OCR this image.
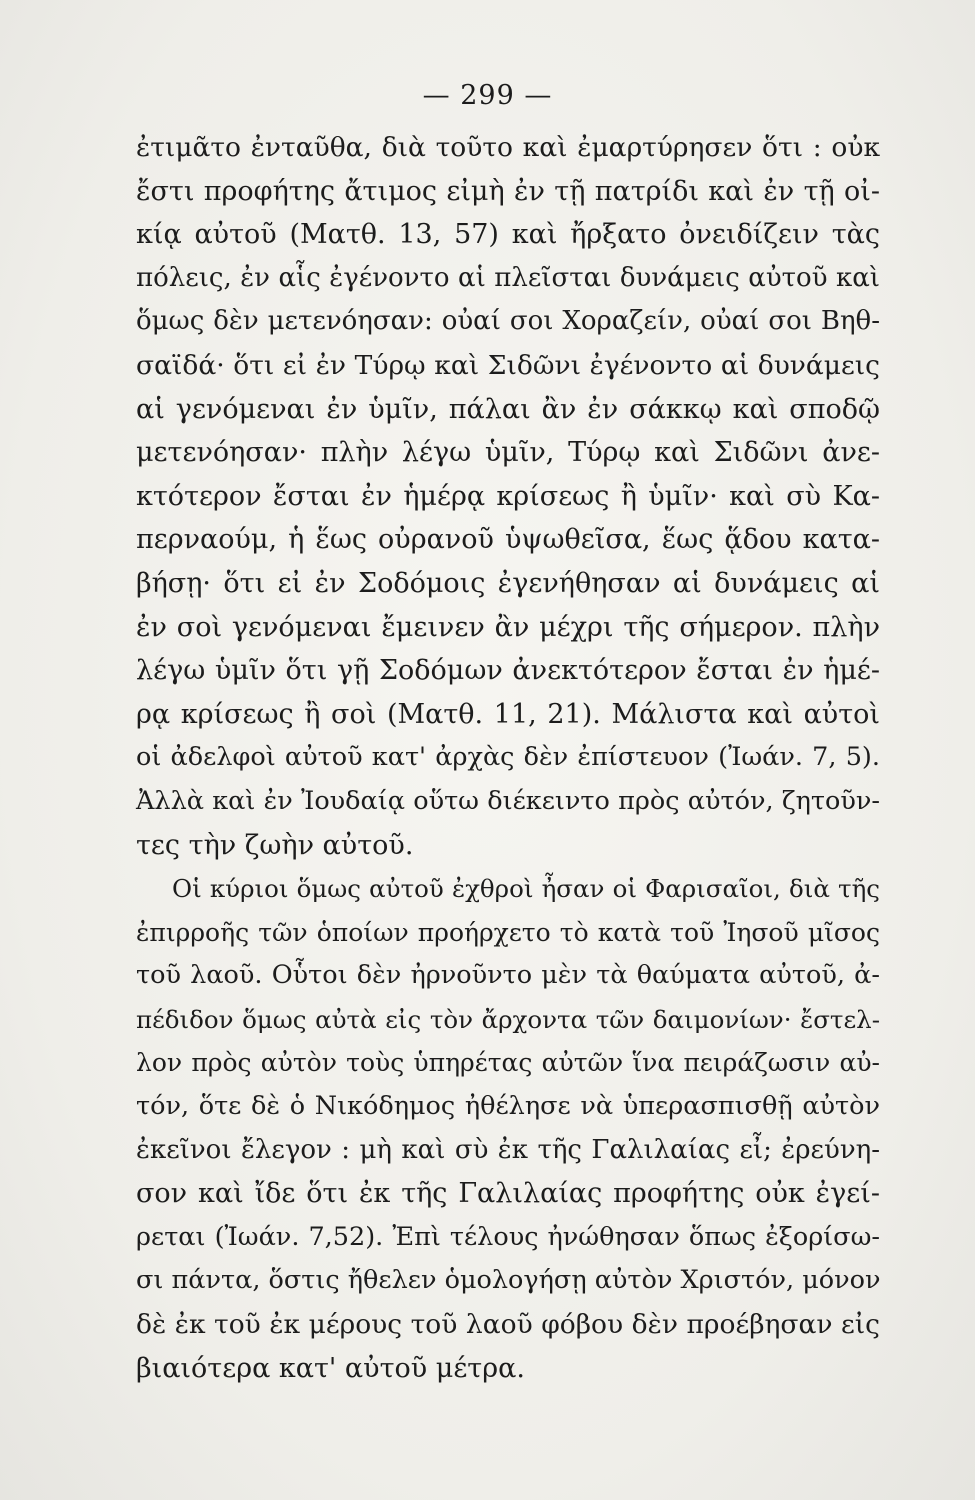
— 299 —
ἐτιμᾶτο ἐνταῦθα, διὰ τοῦτο καὶ ἐμαρτύρησεν ὅτι : οὐκ
ἔστι προφήτης ἄτιμος εἰμὴ ἐν τῇ πατρίδι καὶ ἐν τῇ οἰ-
κίᾳ αὐτοῦ (Ματθ. 13, 57) καὶ ἤρξατο ὀνειδίζειν τὰς
πόλεις, ἐν αἷς ἐγένοντο αἱ πλεῖσται δυνάμεις αὐτοῦ καὶ
ὅμως δὲν μετενόησαν: οὐαί σοι Χοραζείν, οὐαί σοι Βηθ-
σαϊδά· ὅτι εἰ ἐν Τύρῳ καὶ Σιδῶνι ἐγένοντο αἱ δυνάμεις
αἱ γενόμεναι ἐν ὑμῖν, πάλαι ἂν ἐν σάκκῳ καὶ σποδῷ
μετενόησαν· πλὴν λέγω ὑμῖν, Τύρῳ καὶ Σιδῶνι ἀνε-
κτότερον ἔσται ἐν ἡμέρᾳ κρίσεως ἢ ὑμῖν· καὶ σὺ Κα-
περναούμ, ἡ ἕως οὐρανοῦ ὑψωθεῖσα, ἕως ᾅδου κατα-
βήσῃ· ὅτι εἰ ἐν Σοδόμοις ἐγενήθησαν αἱ δυνάμεις αἱ
ἐν σοὶ γενόμεναι ἔμεινεν ἂν μέχρι τῆς σήμερον. πλὴν
λέγω ὑμῖν ὅτι γῇ Σοδόμων ἀνεκτότερον ἔσται ἐν ἡμέ-
ρᾳ κρίσεως ἢ σοὶ (Ματθ. 11, 21). Μάλιστα καὶ αὐτοὶ
οἱ ἀδελφοὶ αὐτοῦ κατ' ἀρχὰς δὲν ἐπίστευον (Ἰωάν. 7, 5).
Ἀλλὰ καὶ ἐν Ἰουδαίᾳ οὕτω διέκειντο πρὸς αὐτόν, ζητοῦν-
τες τὴν ζωὴν αὐτοῦ.
Οἱ κύριοι ὅμως αὐτοῦ ἐχθροὶ ἦσαν οἱ Φαρισαῖοι, διὰ τῆς
ἐπιρροῆς τῶν ὁποίων προήρχετο τὸ κατὰ τοῦ Ἰησοῦ μῖσος
τοῦ λαοῦ. Οὗτοι δὲν ἠρνοῦντο μὲν τὰ θαύματα αὐτοῦ, ἀ-
πέδιδον ὅμως αὐτὰ εἰς τὸν ἄρχοντα τῶν δαιμονίων· ἔστελ-
λον πρὸς αὐτὸν τοὺς ὑπηρέτας αὐτῶν ἵνα πειράζωσιν αὐ-
τόν, ὅτε δὲ ὁ Νικόδημος ἠθέλησε νὰ ὑπερασπισθῇ αὐτὸν
ἐκεῖνοι ἔλεγον : μὴ καὶ σὺ ἐκ τῆς Γαλιλαίας εἶ; ἐρεύνη-
σον καὶ ἴδε ὅτι ἐκ τῆς Γαλιλαίας προφήτης οὐκ ἐγεί-
ρεται (Ἰωάν. 7,52). Ἐπὶ τέλους ἠνώθησαν ὅπως ἐξορίσω-
σι πάντα, ὅστις ἤθελεν ὁμολογήσῃ αὐτὸν Χριστόν, μόνον
δὲ ἐκ τοῦ ἐκ μέρους τοῦ λαοῦ φόβου δὲν προέβησαν εἰς
βιαιότερα κατ' αὐτοῦ μέτρα.
